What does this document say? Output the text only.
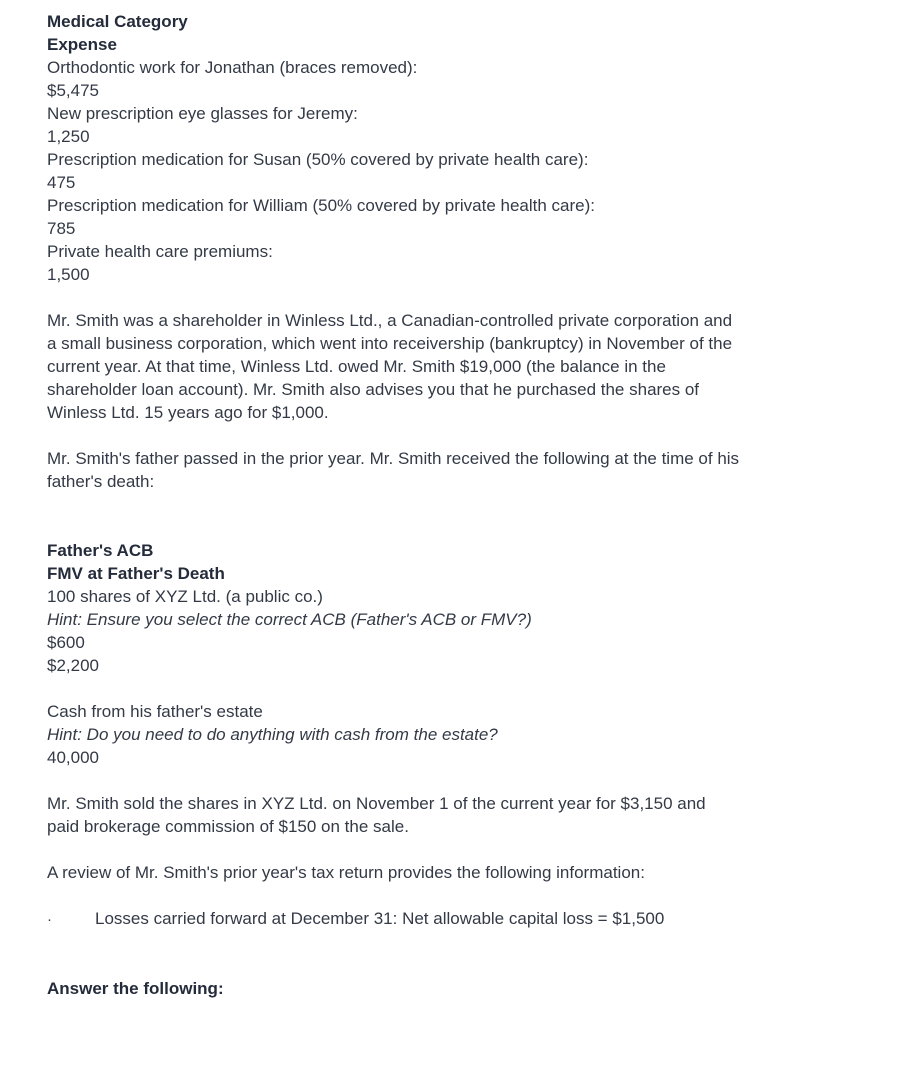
Medical Category
Expense
Orthodontic work for Jonathan (braces removed):
$5,475
New prescription eye glasses for Jeremy:
1,250
Prescription medication for Susan (50% covered by private health care):
475
Prescription medication for William (50% covered by private health care):
785
Private health care premiums:
1,500
Mr. Smith was a shareholder in Winless Ltd., a Canadian-controlled private corporation and
a small business corporation, which went into receivership (bankruptcy) in November of the
current year. At that time, Winless Ltd. owed Mr. Smith $19,000 (the balance in the
shareholder loan account). Mr. Smith also advises you that he purchased the shares of
Winless Ltd. 15 years ago for $1,000.
Mr. Smith's father passed in the prior year. Mr. Smith received the following at the time of his
father's death:
Father's ACB
FMV at Father's Death
100 shares of XYZ Ltd. (a public co.)
Hint: Ensure you select the correct ACB (Father's ACB or FMV?)
$600
$2,200
Cash from his father's estate
Hint: Do you need to do anything with cash from the estate?
40,000
Mr. Smith sold the shares in XYZ Ltd. on November 1 of the current year for $3,150 and
paid brokerage commission of $150 on the sale.
A review of Mr. Smith's prior year's tax return provides the following information:
·	Losses carried forward at December 31: Net allowable capital loss = $1,500
Answer the following:
